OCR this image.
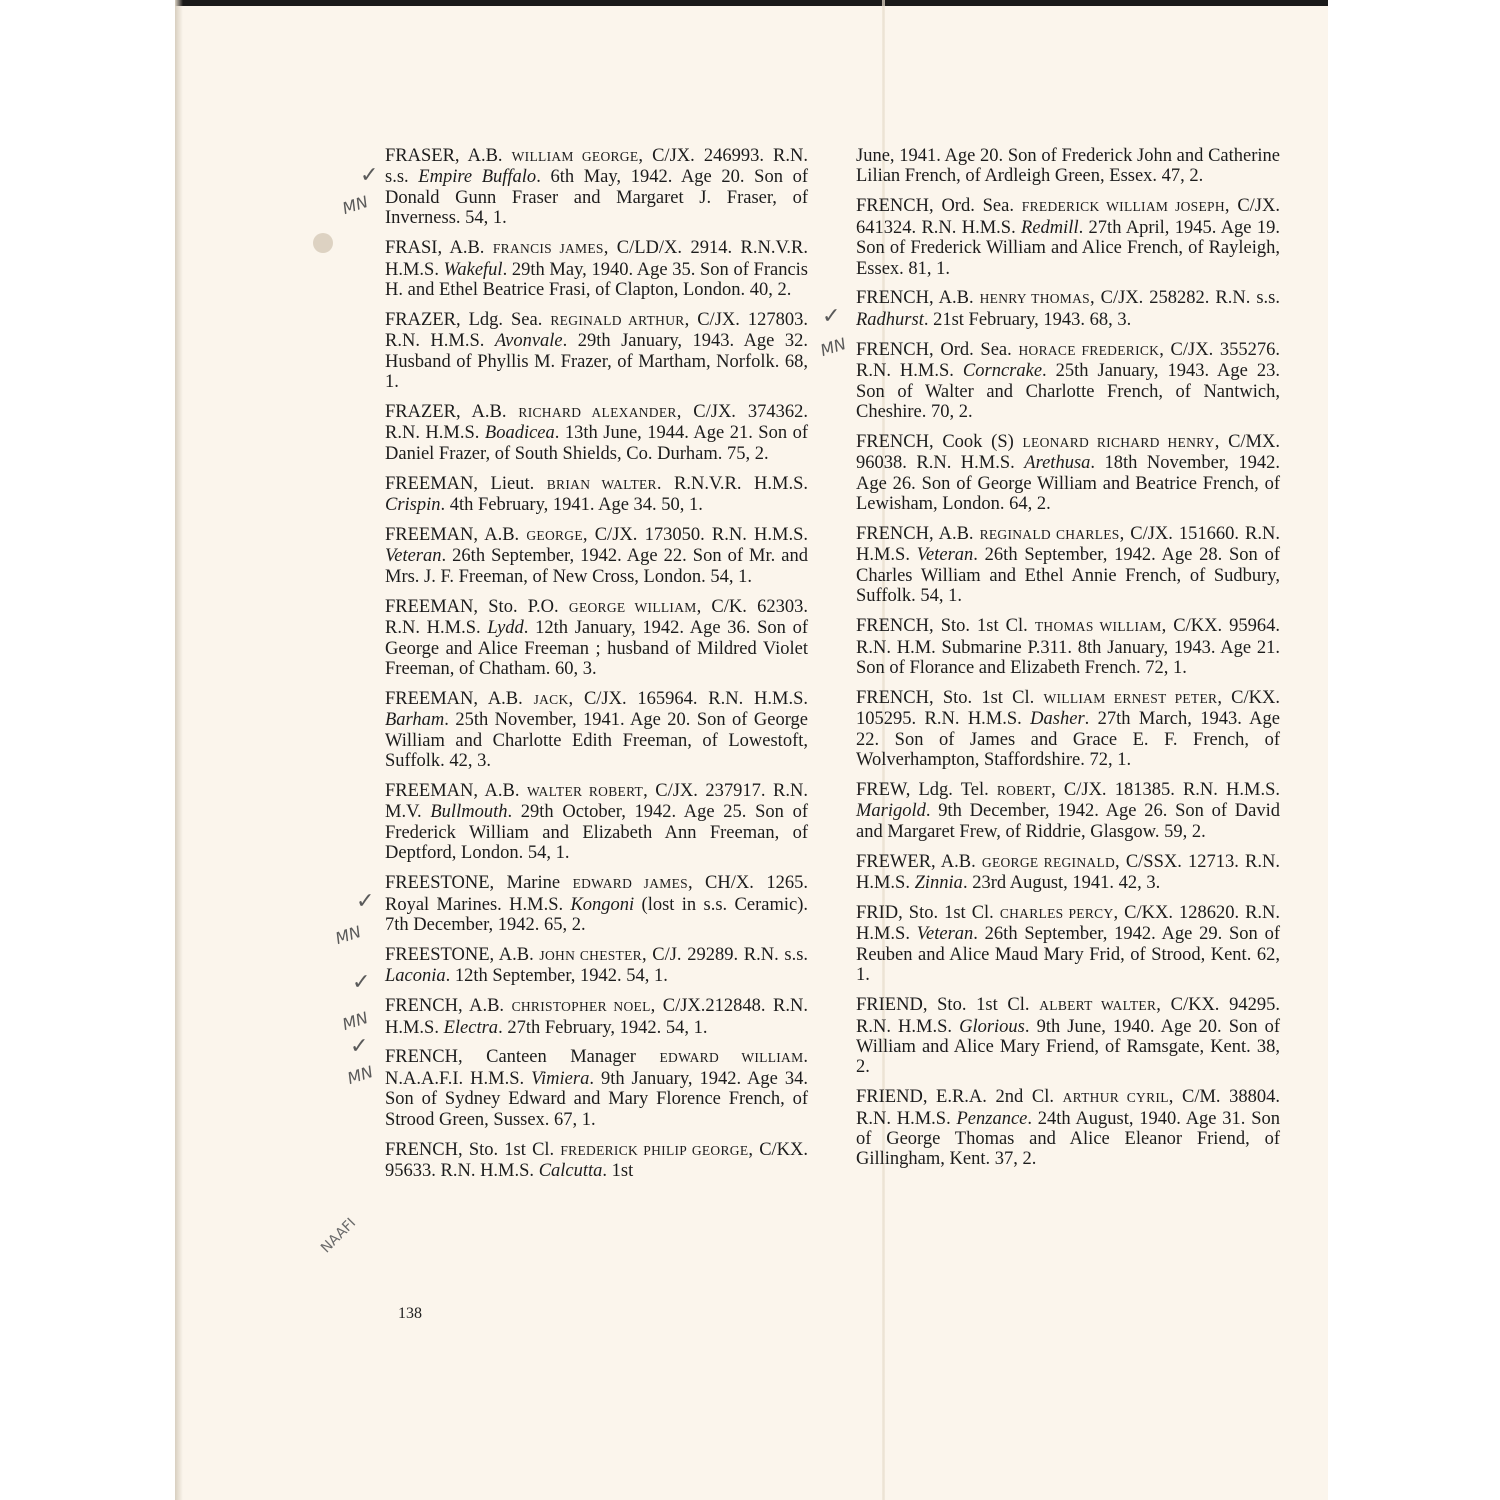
FRASER, A.B. WILLIAM GEORGE, C/JX. 246993. R.N. s.s. Empire Buffalo. 6th May, 1942. Age 20. Son of Donald Gunn Fraser and Margaret J. Fraser, of Inverness. 54, 1.

FRASI, A.B. FRANCIS JAMES, C/LD/X. 2914. R.N.V.R. H.M.S. Wakeful. 29th May, 1940. Age 35. Son of Francis H. and Ethel Beatrice Frasi, of Clapton, London. 40, 2.

FRAZER, Ldg. Sea. REGINALD ARTHUR, C/JX. 127803. R.N. H.M.S. Avonvale. 29th January, 1943. Age 32. Husband of Phyllis M. Frazer, of Martham, Norfolk. 68, 1.

FRAZER, A.B. RICHARD ALEXANDER, C/JX. 374362. R.N. H.M.S. Boadicea. 13th June, 1944. Age 21. Son of Daniel Frazer, of South Shields, Co. Durham. 75, 2.

FREEMAN, Lieut. BRIAN WALTER. R.N.V.R. H.M.S. Crispin. 4th February, 1941. Age 34. 50, 1.

FREEMAN, A.B. GEORGE, C/JX. 173050. R.N. H.M.S. Veteran. 26th September, 1942. Age 22. Son of Mr. and Mrs. J. F. Freeman, of New Cross, London. 54, 1.

FREEMAN, Sto. P.O. GEORGE WILLIAM, C/K. 62303. R.N. H.M.S. Lydd. 12th January, 1942. Age 36. Son of George and Alice Freeman ; husband of Mildred Violet Freeman, of Chatham. 60, 3.

FREEMAN, A.B. JACK, C/JX. 165964. R.N. H.M.S. Barham. 25th November, 1941. Age 20. Son of George William and Charlotte Edith Freeman, of Lowestoft, Suffolk. 42, 3.

FREEMAN, A.B. WALTER ROBERT, C/JX. 237917. R.N. M.V. Bullmouth. 29th October, 1942. Age 25. Son of Frederick William and Elizabeth Ann Freeman, of Deptford, London. 54, 1.

FREESTONE, Marine EDWARD JAMES, CH/X. 1265. Royal Marines. H.M.S. Kongoni (lost in s.s. Ceramic). 7th December, 1942. 65, 2.

FREESTONE, A.B. JOHN CHESTER, C/J. 29289. R.N. s.s. Laconia. 12th September, 1942. 54, 1.

FRENCH, A.B. CHRISTOPHER NOEL, C/JX.212848. R.N. H.M.S. Electra. 27th February, 1942. 54, 1.

FRENCH, Canteen Manager EDWARD WILLIAM. N.A.A.F.I. H.M.S. Vimiera. 9th January, 1942. Age 34. Son of Sydney Edward and Mary Florence French, of Strood Green, Sussex. 67, 1.

FRENCH, Sto. 1st Cl. FREDERICK PHILIP GEORGE, C/KX. 95633. R.N. H.M.S. Calcutta. 1st

June, 1941. Age 20. Son of Frederick John and Catherine Lilian French, of Ardleigh Green, Essex. 47, 2.

FRENCH, Ord. Sea. FREDERICK WILLIAM JOSEPH, C/JX. 641324. R.N. H.M.S. Redmill. 27th April, 1945. Age 19. Son of Frederick William and Alice French, of Rayleigh, Essex. 81, 1.

FRENCH, A.B. HENRY THOMAS, C/JX. 258282. R.N. s.s. Radhurst. 21st February, 1943. 68, 3.

FRENCH, Ord. Sea. HORACE FREDERICK, C/JX. 355276. R.N. H.M.S. Corncrake. 25th January, 1943. Age 23. Son of Walter and Charlotte French, of Nantwich, Cheshire. 70, 2.

FRENCH, Cook (S) LEONARD RICHARD HENRY, C/MX. 96038. R.N. H.M.S. Arethusa. 18th November, 1942. Age 26. Son of George William and Beatrice French, of Lewisham, London. 64, 2.

FRENCH, A.B. REGINALD CHARLES, C/JX. 151660. R.N. H.M.S. Veteran. 26th September, 1942. Age 28. Son of Charles William and Ethel Annie French, of Sudbury, Suffolk. 54, 1.

FRENCH, Sto. 1st Cl. THOMAS WILLIAM, C/KX. 95964. R.N. H.M. Submarine P.311. 8th January, 1943. Age 21. Son of Florance and Elizabeth French. 72, 1.

FRENCH, Sto. 1st Cl. WILLIAM ERNEST PETER, C/KX. 105295. R.N. H.M.S. Dasher. 27th March, 1943. Age 22. Son of James and Grace E. F. French, of Wolverhampton, Staffordshire. 72, 1.

FREW, Ldg. Tel. ROBERT, C/JX. 181385. R.N. H.M.S. Marigold. 9th December, 1942. Age 26. Son of David and Margaret Frew, of Riddrie, Glasgow. 59, 2.

FREWER, A.B. GEORGE REGINALD, C/SSX. 12713. R.N. H.M.S. Zinnia. 23rd August, 1941. 42, 3.

FRID, Sto. 1st Cl. CHARLES PERCY, C/KX. 128620. R.N. H.M.S. Veteran. 26th September, 1942. Age 29. Son of Reuben and Alice Maud Mary Frid, of Strood, Kent. 62, 1.

FRIEND, Sto. 1st Cl. ALBERT WALTER, C/KX. 94295. R.N. H.M.S. Glorious. 9th June, 1940. Age 20. Son of William and Alice Mary Friend, of Ramsgate, Kent. 38, 2.

FRIEND, E.R.A. 2nd Cl. ARTHUR CYRIL, C/M. 38804. R.N. H.M.S. Penzance. 24th August, 1940. Age 31. Son of George Thomas and Alice Eleanor Friend, of Gillingham, Kent. 37, 2.

138
✓
MN
✓
MN
✓
MN
✓
MN
✓
MN
NAAFI
